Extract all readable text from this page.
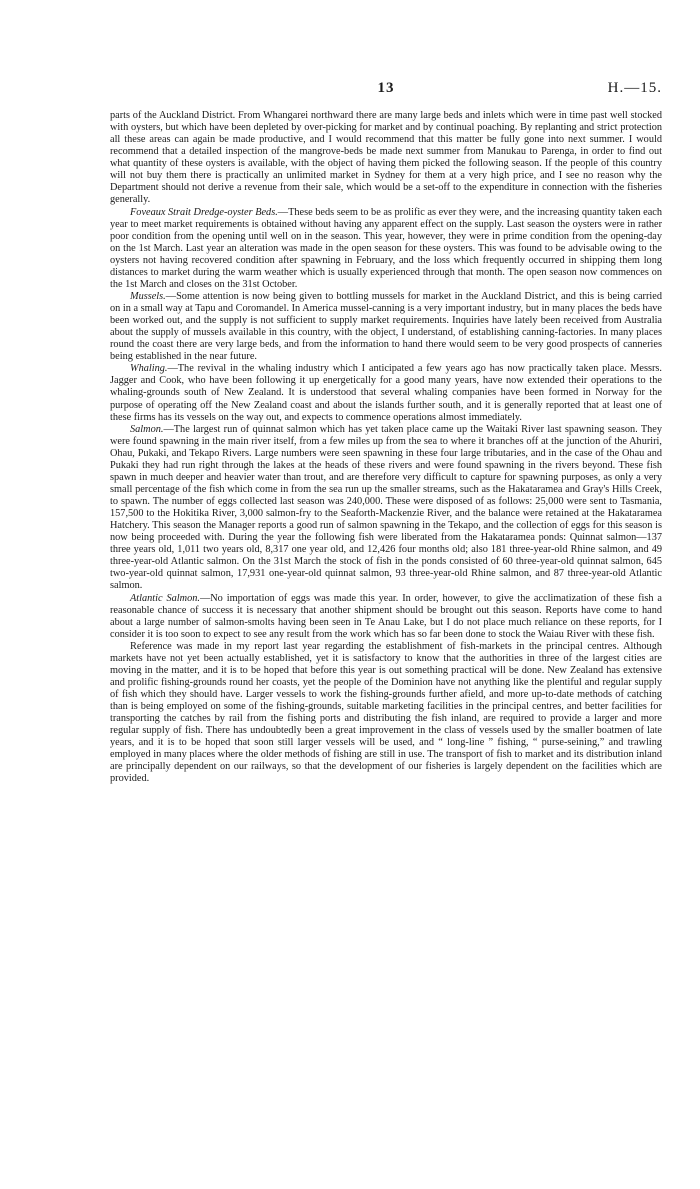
13	H.—15.

parts of the Auckland District. From Whangarei northward there are many large beds and inlets which were in time past well stocked with oysters, but which have been depleted by over-picking for market and by continual poaching. By replanting and strict protection all these areas can again be made productive, and I would recommend that this matter be fully gone into next summer. I would recommend that a detailed inspection of the mangrove-beds be made next summer from Manukau to Parenga, in order to find out what quantity of these oysters is available, with the object of having them picked the following season. If the people of this country will not buy them there is practically an unlimited market in Sydney for them at a very high price, and I see no reason why the Department should not derive a revenue from their sale, which would be a set-off to the expenditure in connection with the fisheries generally.

Foveaux Strait Dredge-oyster Beds.—These beds seem to be as prolific as ever they were, and the increasing quantity taken each year to meet market requirements is obtained without having any apparent effect on the supply. Last season the oysters were in rather poor condition from the opening until well on in the season. This year, however, they were in prime condition from the opening-day on the 1st March. Last year an alteration was made in the open season for these oysters. This was found to be advisable owing to the oysters not having recovered condition after spawning in February, and the loss which frequently occurred in shipping them long distances to market during the warm weather which is usually experienced through that month. The open season now commences on the 1st March and closes on the 31st October.

Mussels.—Some attention is now being given to bottling mussels for market in the Auckland District, and this is being carried on in a small way at Tapu and Coromandel. In America mussel-canning is a very important industry, but in many places the beds have been worked out, and the supply is not sufficient to supply market requirements. Inquiries have lately been received from Australia about the supply of mussels available in this country, with the object, I understand, of establishing canning-factories. In many places round the coast there are very large beds, and from the information to hand there would seem to be very good prospects of canneries being established in the near future.

Whaling.—The revival in the whaling industry which I anticipated a few years ago has now practically taken place. Messrs. Jagger and Cook, who have been following it up energetically for a good many years, have now extended their operations to the whaling-grounds south of New Zealand. It is understood that several whaling companies have been formed in Norway for the purpose of operating off the New Zealand coast and about the islands further south, and it is generally reported that at least one of these firms has its vessels on the way out, and expects to commence operations almost immediately.

Salmon.—The largest run of quinnat salmon which has yet taken place came up the Waitaki River last spawning season. They were found spawning in the main river itself, from a few miles up from the sea to where it branches off at the junction of the Ahuriri, Ohau, Pukaki, and Tekapo Rivers. Large numbers were seen spawning in these four large tributaries, and in the case of the Ohau and Pukaki they had run right through the lakes at the heads of these rivers and were found spawning in the rivers beyond. These fish spawn in much deeper and heavier water than trout, and are therefore very difficult to capture for spawning purposes, as only a very small percentage of the fish which come in from the sea run up the smaller streams, such as the Hakataramea and Gray's Hills Creek, to spawn. The number of eggs collected last season was 240,000. These were disposed of as follows: 25,000 were sent to Tasmania, 157,500 to the Hokitika River, 3,000 salmon-fry to the Seaforth-Mackenzie River, and the balance were retained at the Hakataramea Hatchery. This season the Manager reports a good run of salmon spawning in the Tekapo, and the collection of eggs for this season is now being proceeded with. During the year the following fish were liberated from the Hakataramea ponds: Quinnat salmon—137 three years old, 1,011 two years old, 8,317 one year old, and 12,426 four months old; also 181 three-year-old Rhine salmon, and 49 three-year-old Atlantic salmon. On the 31st March the stock of fish in the ponds consisted of 60 three-year-old quinnat salmon, 645 two-year-old quinnat salmon, 17,931 one-year-old quinnat salmon, 93 three-year-old Rhine salmon, and 87 three-year-old Atlantic salmon.

Atlantic Salmon.—No importation of eggs was made this year. In order, however, to give the acclimatization of these fish a reasonable chance of success it is necessary that another shipment should be brought out this season. Reports have come to hand about a large number of salmon-smolts having been seen in Te Anau Lake, but I do not place much reliance on these reports, for I consider it is too soon to expect to see any result from the work which has so far been done to stock the Waiau River with these fish.

Reference was made in my report last year regarding the establishment of fish-markets in the principal centres. Although markets have not yet been actually established, yet it is satisfactory to know that the authorities in three of the largest cities are moving in the matter, and it is to be hoped that before this year is out something practical will be done. New Zealand has extensive and prolific fishing-grounds round her coasts, yet the people of the Dominion have not anything like the plentiful and regular supply of fish which they should have. Larger vessels to work the fishing-grounds further afield, and more up-to-date methods of catching than is being employed on some of the fishing-grounds, suitable marketing facilities in the principal centres, and better facilities for transporting the catches by rail from the fishing ports and distributing the fish inland, are required to provide a larger and more regular supply of fish. There has undoubtedly been a great improvement in the class of vessels used by the smaller boatmen of late years, and it is to be hoped that soon still larger vessels will be used, and “ long-line ” fishing, “ purse-seining,” and trawling employed in many places where the older methods of fishing are still in use. The transport of fish to market and its distribution inland are principally dependent on our railways, so that the development of our fisheries is largely dependent on the facilities which are provided.
